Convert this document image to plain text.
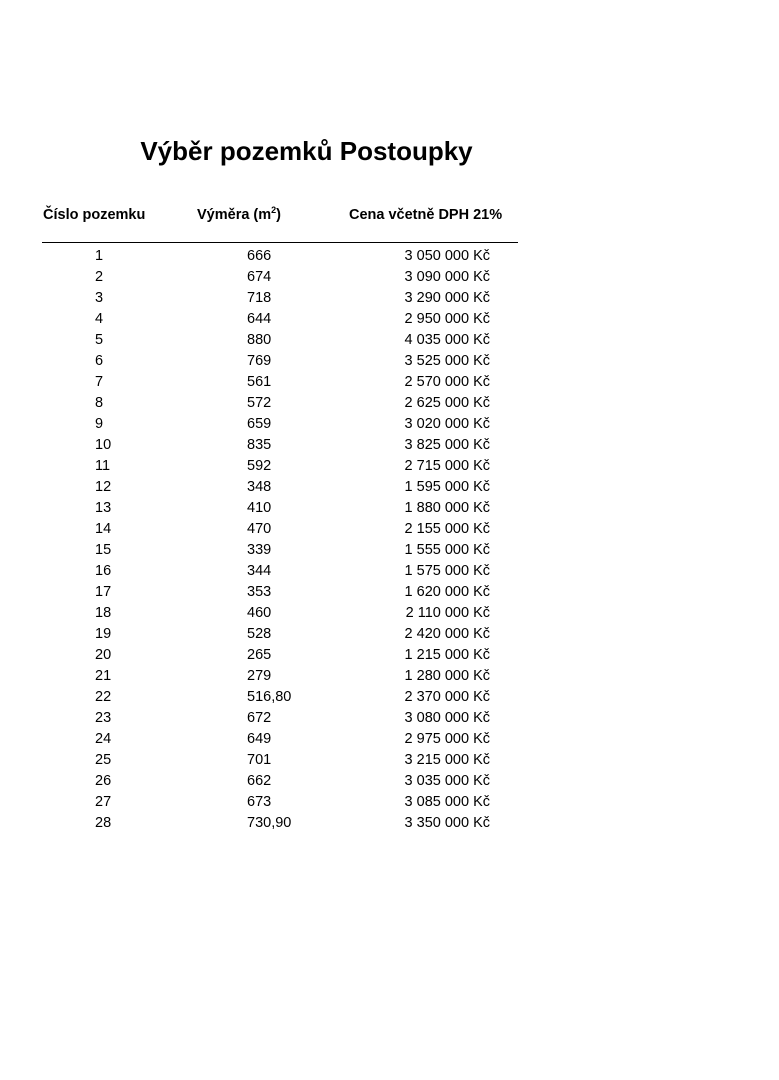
Výběr pozemků Postoupky
Číslo pozemku	Výměra $(m^2)$	Cena včetně DPH 21%
1	666	3 050 000 Kč
2	674	3 090 000 Kč
3	718	3 290 000 Kč
4	644	2 950 000 Kč
5	880	4 035 000 Kč
6	769	3 525 000 Kč
7	561	2 570 000 Kč
8	572	2 625 000 Kč
9	659	3 020 000 Kč
10	835	3 825 000 Kč
11	592	2 715 000 Kč
12	348	1 595 000 Kč
13	410	1 880 000 Kč
14	470	2 155 000 Kč
15	339	1 555 000 Kč
16	344	1 575 000 Kč
17	353	1 620 000 Kč
18	460	2 110 000 Kč
19	528	2 420 000 Kč
20	265	1 215 000 Kč
21	279	1 280 000 Kč
22	516,80	2 370 000 Kč
23	672	3 080 000 Kč
24	649	2 975 000 Kč
25	701	3 215 000 Kč
26	662	3 035 000 Kč
27	673	3 085 000 Kč
28	730,90	3 350 000 Kč
